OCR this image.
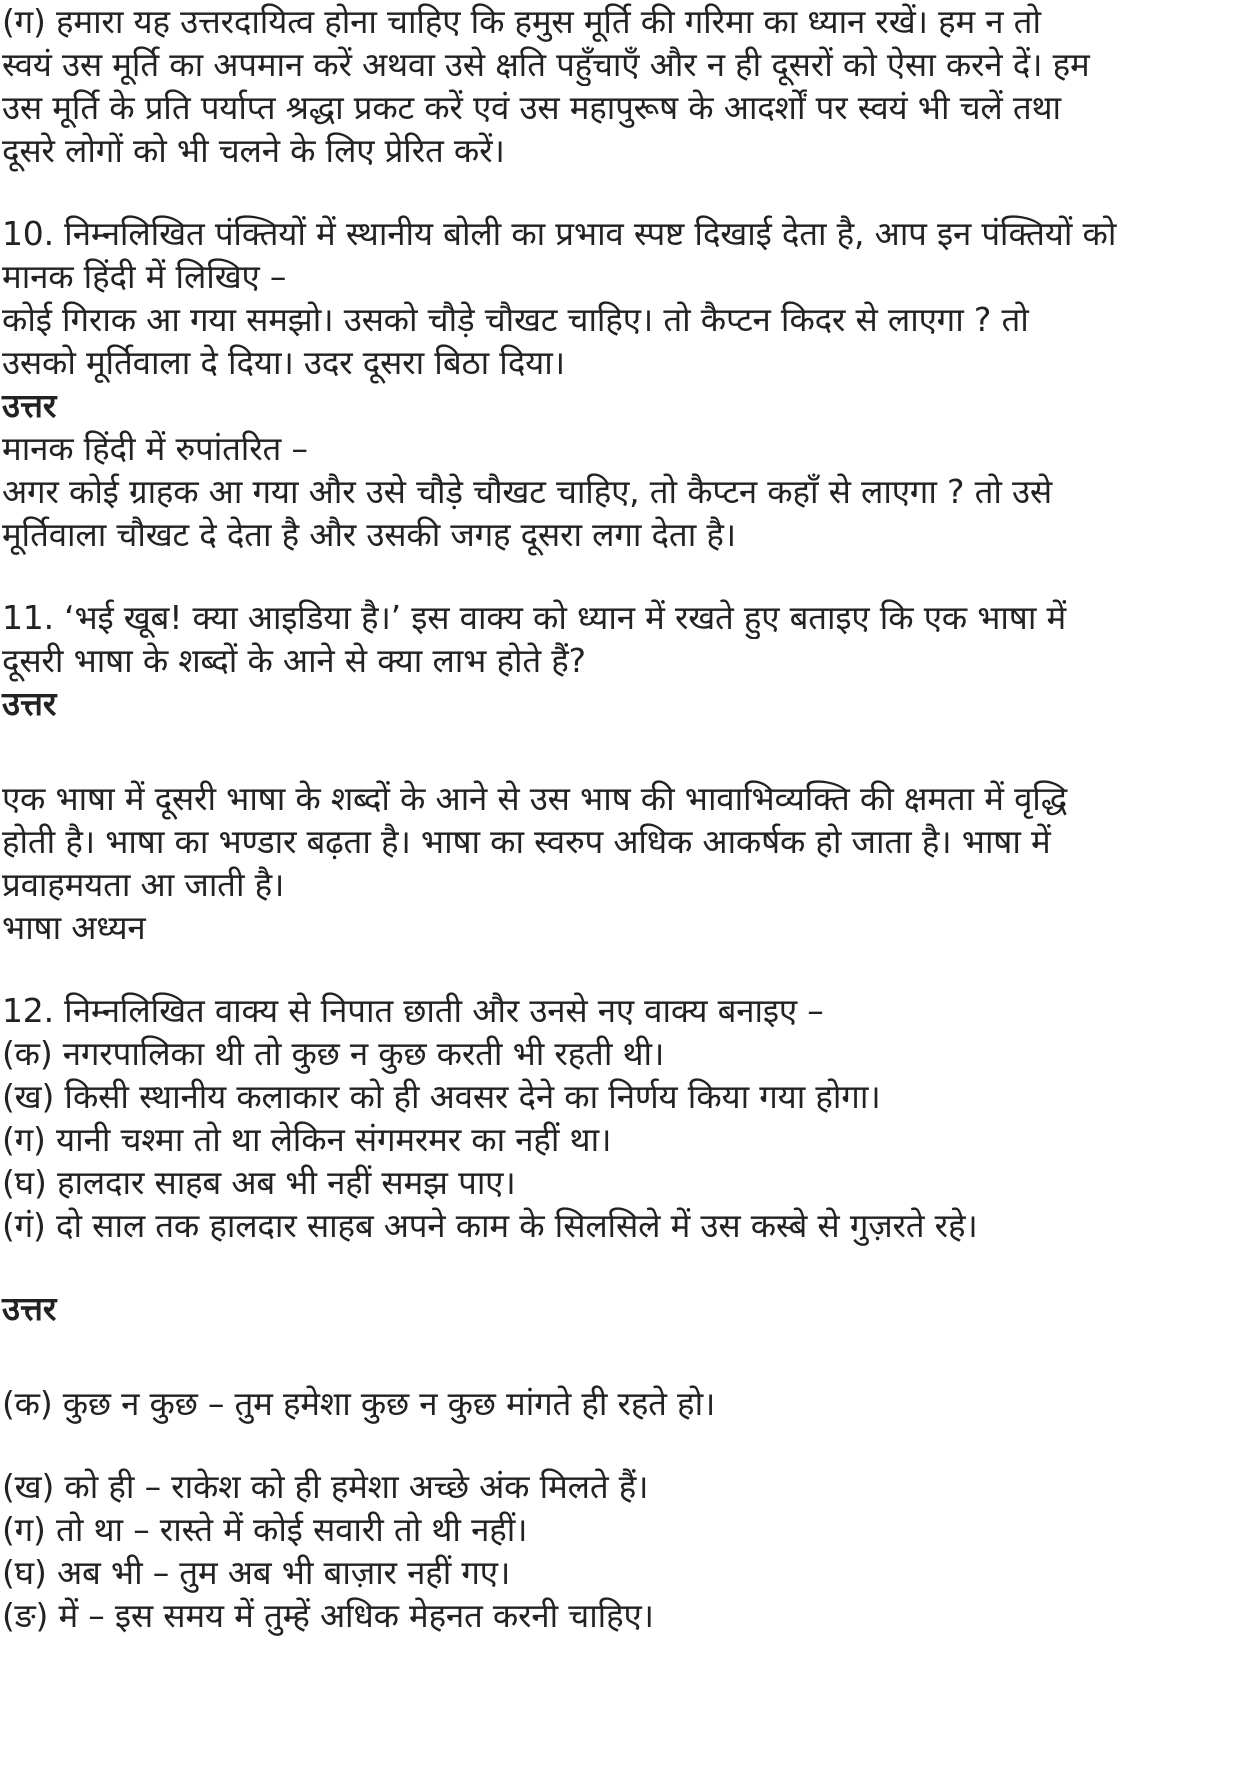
(ग) हमारा यह उत्तरदायित्व होना चाहिए कि हमुस मूर्ति की गरिमा का ध्यान रखें। हम न तो
स्वयं उस मूर्ति का अपमान करें अथवा उसे क्षति पहुँचाएँ और न ही दूसरों को ऐसा करने दें। हम
उस मूर्ति के प्रति पर्याप्त श्रद्धा प्रकट करें एवं उस महापुरूष के आदर्शों पर स्वयं भी चलें तथा
दूसरे लोगों को भी चलने के लिए प्रेरित करें।
10. निम्नलिखित पंक्तियों में स्थानीय बोली का प्रभाव स्पष्ट दिखाई देता है, आप इन पंक्तियों को
मानक हिंदी में लिखिए –
कोई गिराक आ गया समझो। उसको चौड़े चौखट चाहिए। तो कैप्टन किदर से लाएगा ? तो
उसको मूर्तिवाला दे दिया। उदर दूसरा बिठा दिया।
उत्तर
मानक हिंदी में रुपांतरित –
अगर कोई ग्राहक आ गया और उसे चौड़े चौखट चाहिए, तो कैप्टन कहाँ से लाएगा ? तो उसे
मूर्तिवाला चौखट दे देता है और उसकी जगह दूसरा लगा देता है।
11. ‘भई खूब! क्या आइडिया है।’ इस वाक्य को ध्यान में रखते हुए बताइए कि एक भाषा में
दूसरी भाषा के शब्दों के आने से क्या लाभ होते हैं?
उत्तर
एक भाषा में दूसरी भाषा के शब्दों के आने से उस भाष की भावाभिव्यक्ति की क्षमता में वृद्धि
होती है। भाषा का भण्डार बढ़ता है। भाषा का स्वरुप अधिक आकर्षक हो जाता है। भाषा में
प्रवाहमयता आ जाती है।
भाषा अध्यन
12. निम्नलिखित वाक्य से निपात छाती और उनसे नए वाक्य बनाइए –
(क) नगरपालिका थी तो कुछ न कुछ करती भी रहती थी।
(ख) किसी स्थानीय कलाकार को ही अवसर देने का निर्णय किया गया होगा।
(ग) यानी चश्मा तो था लेकिन संगमरमर का नहीं था।
(घ) हालदार साहब अब भी नहीं समझ पाए।
(गं) दो साल तक हालदार साहब अपने काम के सिलसिले में उस कस्बे से गुज़रते रहे।
उत्तर
(क) कुछ न कुछ – तुम हमेशा कुछ न कुछ मांगते ही रहते हो।
(ख) को ही – राकेश को ही हमेशा अच्छे अंक मिलते हैं।
(ग) तो था – रास्ते में कोई सवारी तो थी नहीं।
(घ) अब भी – तुम अब भी बाज़ार नहीं गए।
(ङ) में – इस समय में तुम्हें अधिक मेहनत करनी चाहिए।
